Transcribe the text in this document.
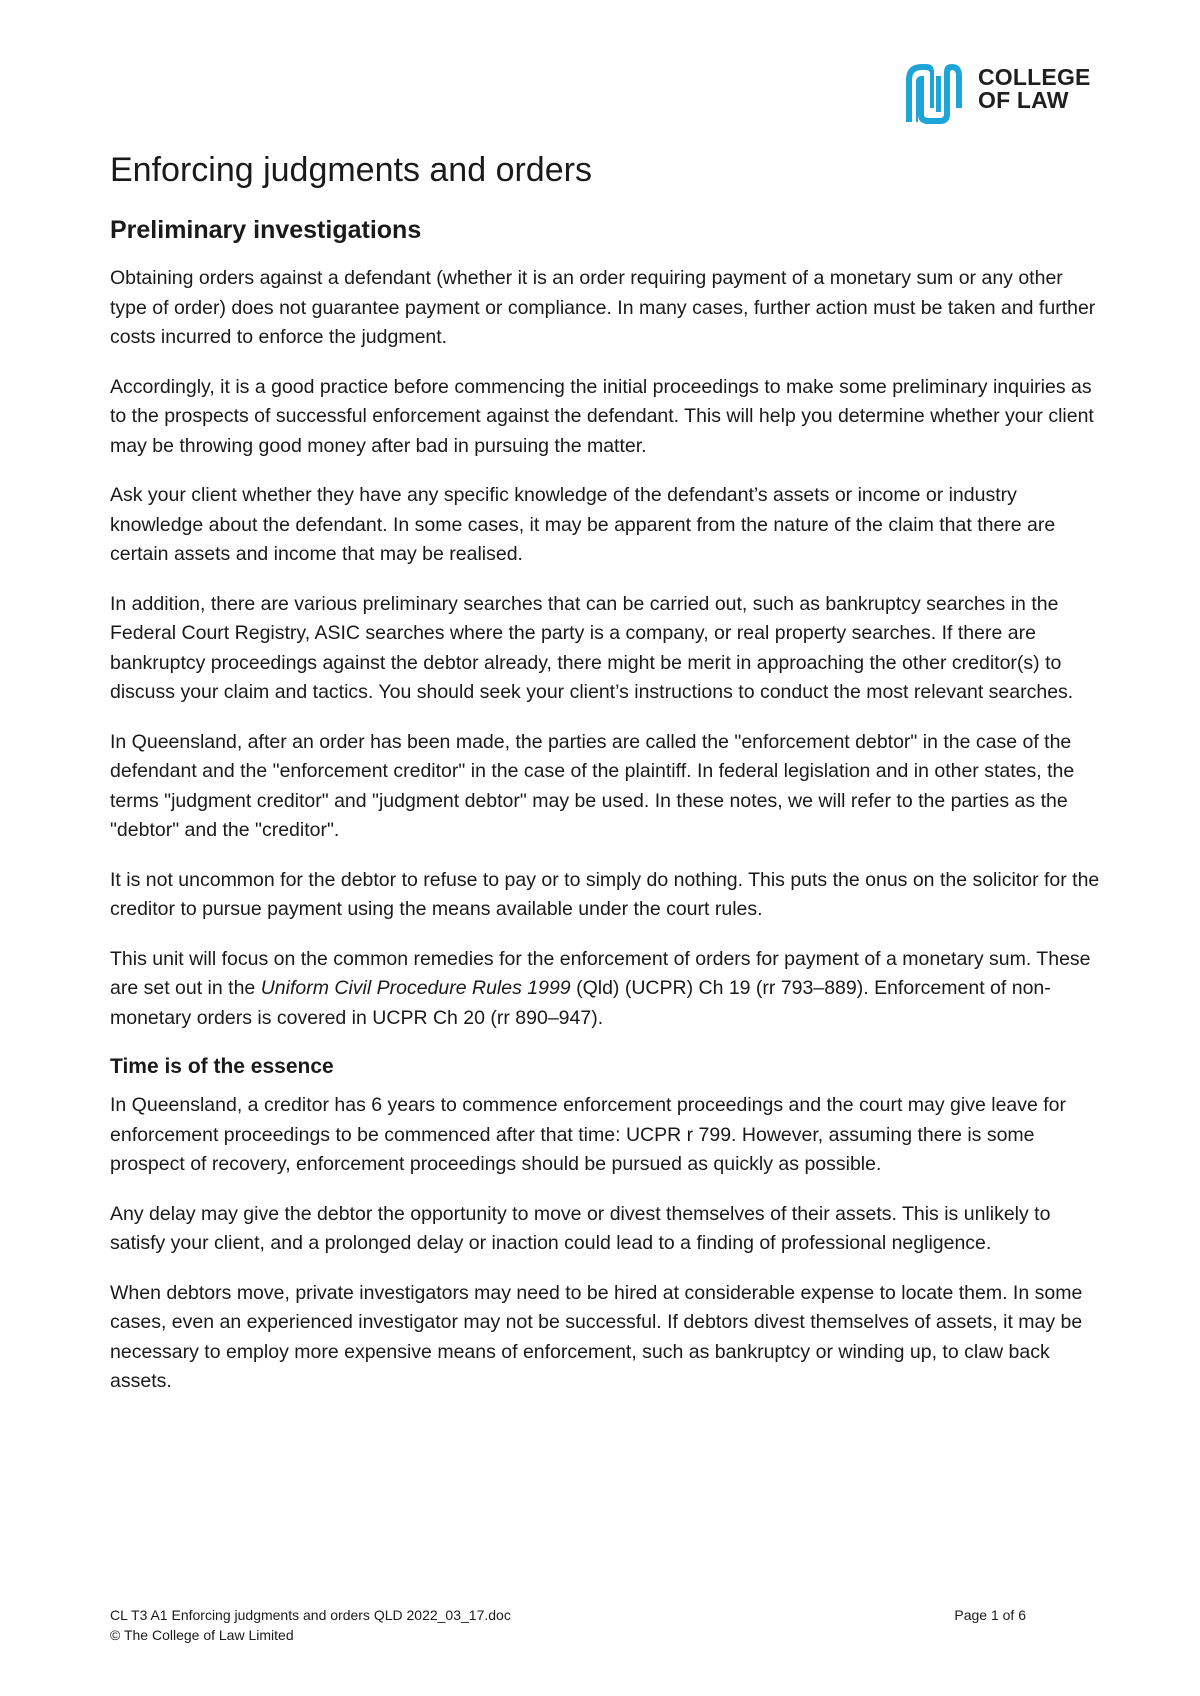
COLLEGE
OF LAW
Enforcing judgments and orders
Preliminary investigations

Obtaining orders against a defendant (whether it is an order requiring payment of a monetary sum or any other type of order) does not guarantee payment or compliance. In many cases, further action must be taken and further costs incurred to enforce the judgment.

Accordingly, it is a good practice before commencing the initial proceedings to make some preliminary inquiries as to the prospects of successful enforcement against the defendant. This will help you determine whether your client may be throwing good money after bad in pursuing the matter.

Ask your client whether they have any specific knowledge of the defendant’s assets or income or industry knowledge about the defendant. In some cases, it may be apparent from the nature of the claim that there are certain assets and income that may be realised.

In addition, there are various preliminary searches that can be carried out, such as bankruptcy searches in the Federal Court Registry, ASIC searches where the party is a company, or real property searches. If there are bankruptcy proceedings against the debtor already, there might be merit in approaching the other creditor(s) to discuss your claim and tactics. You should seek your client’s instructions to conduct the most relevant searches.

In Queensland, after an order has been made, the parties are called the "enforcement debtor" in the case of the defendant and the "enforcement creditor" in the case of the plaintiff. In federal legislation and in other states, the terms "judgment creditor" and "judgment debtor" may be used. In these notes, we will refer to the parties as the "debtor" and the "creditor".

It is not uncommon for the debtor to refuse to pay or to simply do nothing. This puts the onus on the solicitor for the creditor to pursue payment using the means available under the court rules.

This unit will focus on the common remedies for the enforcement of orders for payment of a monetary sum. These are set out in the Uniform Civil Procedure Rules 1999 (Qld) (UCPR) Ch 19 (rr 793–889). Enforcement of non-monetary orders is covered in UCPR Ch 20 (rr 890–947).

Time is of the essence

In Queensland, a creditor has 6 years to commence enforcement proceedings and the court may give leave for enforcement proceedings to be commenced after that time: UCPR r 799. However, assuming there is some prospect of recovery, enforcement proceedings should be pursued as quickly as possible.

Any delay may give the debtor the opportunity to move or divest themselves of their assets. This is unlikely to satisfy your client, and a prolonged delay or inaction could lead to a finding of professional negligence.

When debtors move, private investigators may need to be hired at considerable expense to locate them. In some cases, even an experienced investigator may not be successful. If debtors divest themselves of assets, it may be necessary to employ more expensive means of enforcement, such as bankruptcy or winding up, to claw back assets.

CL T3 A1 Enforcing judgments and orders QLD 2022_03_17.doc	Page 1 of 6
© The College of Law Limited
